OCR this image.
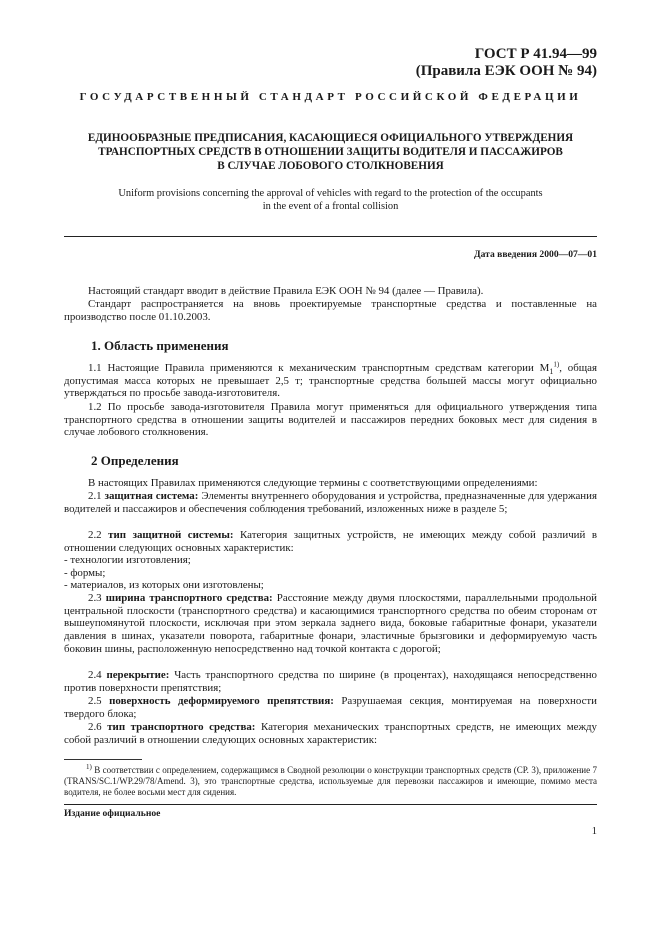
ГОСТ Р 41.94—99
(Правила ЕЭК ООН № 94)
ГОСУДАРСТВЕННЫЙ СТАНДАРТ РОССИЙСКОЙ ФЕДЕРАЦИИ
ЕДИНООБРАЗНЫЕ ПРЕДПИСАНИЯ, КАСАЮЩИЕСЯ ОФИЦИАЛЬНОГО УТВЕРЖДЕНИЯ
ТРАНСПОРТНЫХ СРЕДСТВ В ОТНОШЕНИИ ЗАЩИТЫ ВОДИТЕЛЯ И ПАССАЖИРОВ
В СЛУЧАЕ ЛОБОВОГО СТОЛКНОВЕНИЯ
Uniform provisions concerning the approval of vehicles with regard to the protection of the occupants
in the event of a frontal collision
Дата введения 2000—07—01
Настоящий стандарт вводит в действие Правила ЕЭК ООН № 94 (далее — Правила).
Стандарт распространяется на вновь проектируемые транспортные средства и поставленные на производство после 01.10.2003.
1. Область применения
1.1 Настоящие Правила применяются к механическим транспортным средствам категории $M_1^{1)}$, общая допустимая масса которых не превышает 2,5 т; транспортные средства большей массы могут официально утверждаться по просьбе завода-изготовителя.
1.2 По просьбе завода-изготовителя Правила могут применяться для официального утверждения типа транспортного средства в отношении защиты водителей и пассажиров передних боковых мест для сидения в случае лобового столкновения.
2 Определения
В настоящих Правилах применяются следующие термины с соответствующими определениями:
2.1 защитная система: Элементы внутреннего оборудования и устройства, предназначенные для удержания водителей и пассажиров и обеспечения соблюдения требований, изложенных ниже в разделе 5;
2.2 тип защитной системы: Категория защитных устройств, не имеющих между собой различий в отношении следующих основных характеристик:
- технологии изготовления;
- формы;
- материалов, из которых они изготовлены;
2.3 ширина транспортного средства: Расстояние между двумя плоскостями, параллельными продольной центральной плоскости (транспортного средства) и касающимися транспортного средства по обеим сторонам от вышеупомянутой плоскости, исключая при этом зеркала заднего вида, боковые габаритные фонари, указатели давления в шинах, указатели поворота, габаритные фонари, эластичные брызговики и деформируемую часть боковин шины, расположенную непосредственно над точкой контакта с дорогой;
2.4 перекрытие: Часть транспортного средства по ширине (в процентах), находящаяся непосредственно против поверхности препятствия;
2.5 поверхность деформируемого препятствия: Разрушаемая секция, монтируемая на поверхности твердого блока;
2.6 тип транспортного средства: Категория механических транспортных средств, не имеющих между собой различий в отношении следующих основных характеристик:
$^{1)}$ В соответствии с определением, содержащимся в Сводной резолюции о конструкции транспортных средств (СР. 3), приложение 7 (TRANS/SC.1/WP.29/78/Amend. 3), это транспортные средства, используемые для перевозки пассажиров и имеющие, помимо места водителя, не более восьми мест для сидения.
Издание официальное
1
